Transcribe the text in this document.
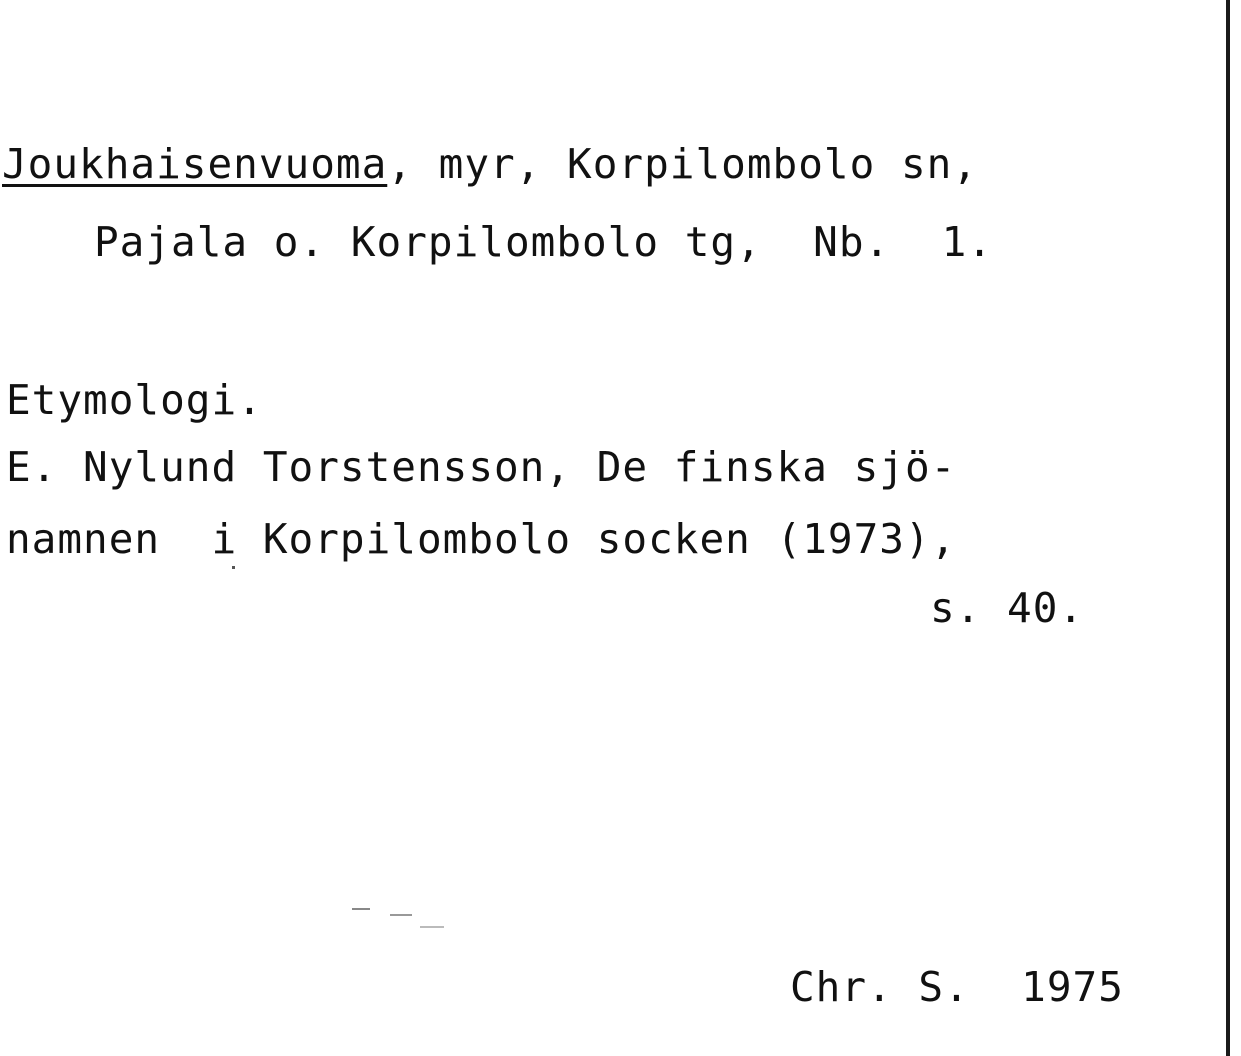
Joukhaisenvuoma, myr, Korpilombolo sn,
Pajala o. Korpilombolo tg,  Nb.  1.
Etymologi.
E. Nylund Torstensson, De finska sjö-
namnen  i Korpilombolo socken (1973),
s. 40.
Chr. S.  1975
